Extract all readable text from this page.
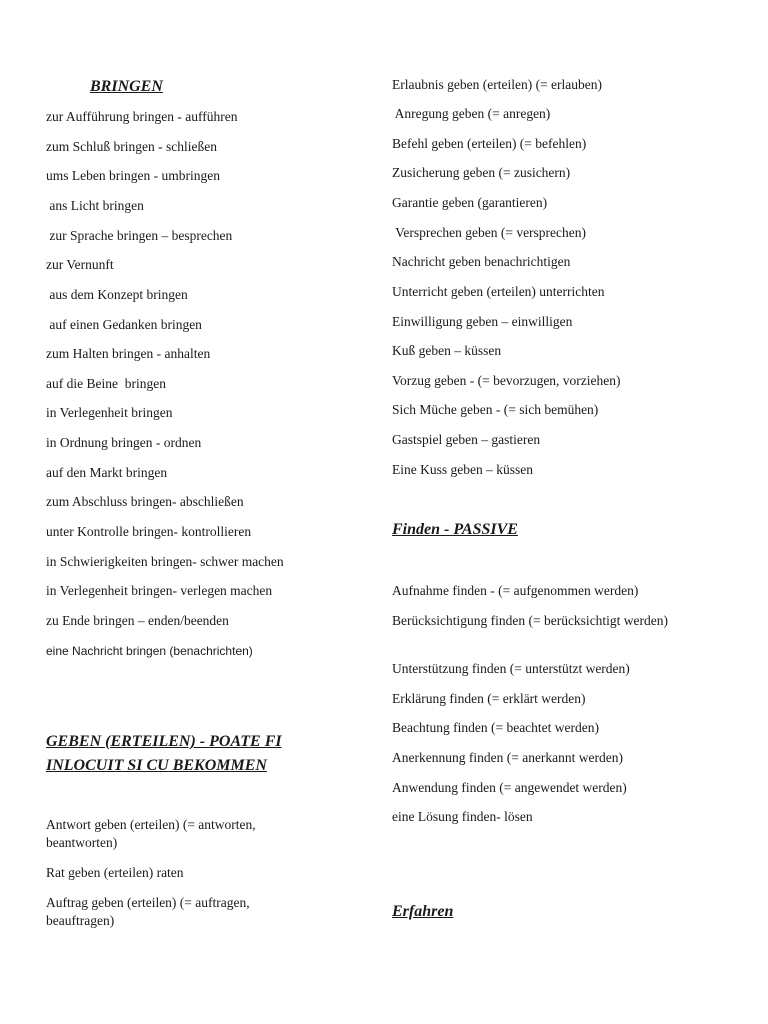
BRINGEN
zur Aufführung bringen - aufführen
zum Schluß bringen - schließen
ums Leben bringen - umbringen
ans Licht bringen
zur Sprache bringen – besprechen
zur Vernunft
aus dem Konzept bringen
auf einen Gedanken bringen
zum Halten bringen - anhalten
auf die Beine  bringen
in Verlegenheit bringen
in Ordnung bringen - ordnen
auf den Markt bringen
zum Abschluss bringen- abschließen
unter Kontrolle bringen- kontrollieren
in Schwierigkeiten bringen- schwer machen
in Verlegenheit bringen- verlegen machen
zu Ende bringen – enden/beenden
eine Nachricht bringen (benachrichten)
GEBEN (ERTEILEN) - POATE FI INLOCUIT SI CU BEKOMMEN
Antwort geben (erteilen) (= antworten, beantworten)
Rat geben (erteilen) raten
Auftrag geben (erteilen) (= auftragen, beauftragen)
Erlaubnis geben (erteilen) (= erlauben)
Anregung geben (= anregen)
Befehl geben (erteilen) (= befehlen)
Zusicherung geben (= zusichern)
Garantie geben (garantieren)
Versprechen geben (= versprechen)
Nachricht geben benachrichtigen
Unterricht geben (erteilen) unterrichten
Einwilligung geben – einwilligen
Kuß geben – küssen
Vorzug geben - (= bevorzugen, vorziehen)
Sich Müche geben - (= sich bemühen)
Gastspiel geben – gastieren
Eine Kuss geben – küssen
Finden - PASSIVE
Aufnahme finden - (= aufgenommen werden)
Berücksichtigung finden (= berücksichtigt werden)
Unterstützung finden (= unterstützt werden)
Erklärung finden (= erklärt werden)
Beachtung finden (= beachtet werden)
Anerkennung finden (= anerkannt werden)
Anwendung finden (= angewendet werden)
eine Lösung finden- lösen
Erfahren
